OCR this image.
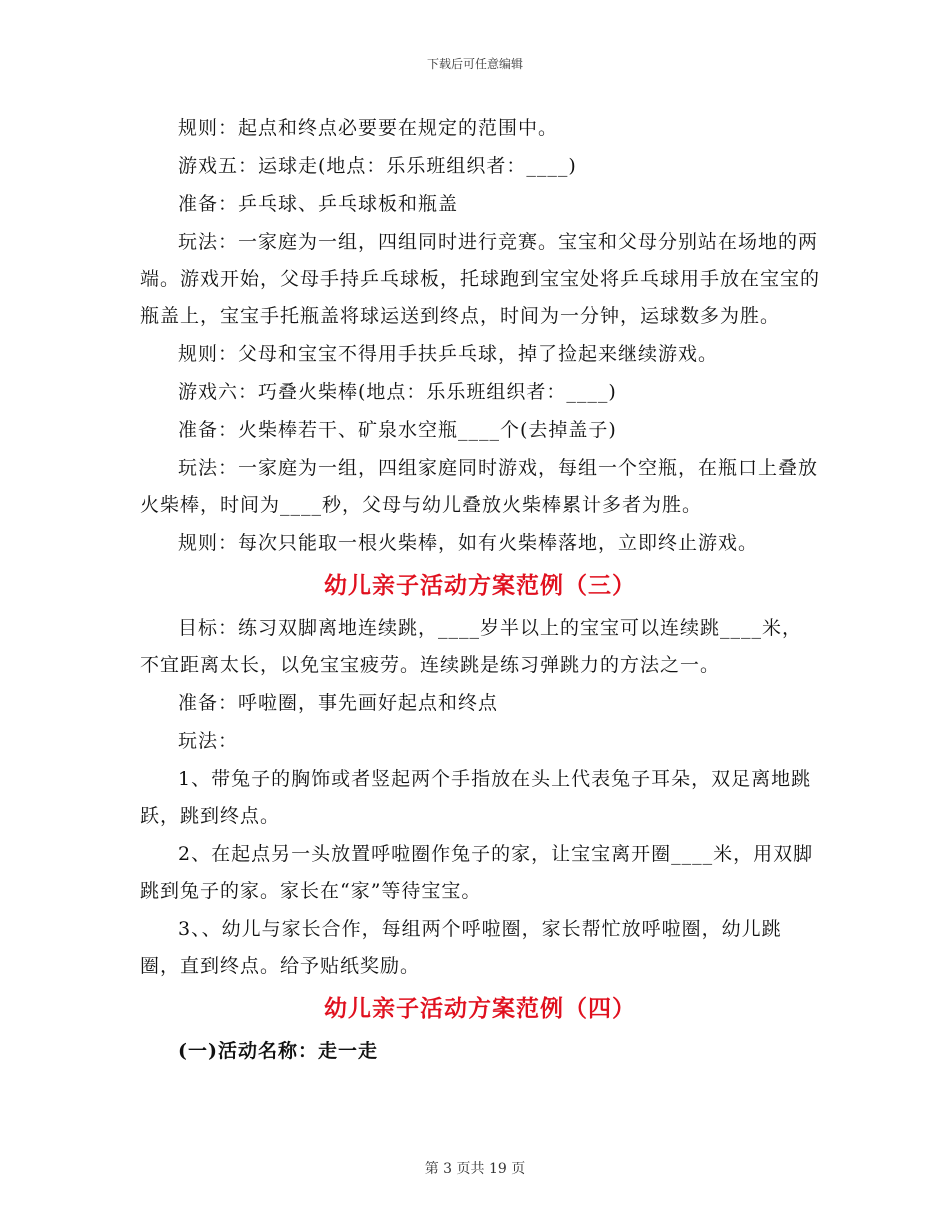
下载后可任意编辑

规则：起点和终点必要要在规定的范围中。

游戏五：运球走(地点：乐乐班组织者：____)

准备：乒乓球、乒乓球板和瓶盖

玩法：一家庭为一组，四组同时进行竞赛。宝宝和父母分别站在场地的两端。游戏开始，父母手持乒乓球板，托球跑到宝宝处将乒乓球用手放在宝宝的瓶盖上，宝宝手托瓶盖将球运送到终点，时间为一分钟，运球数多为胜。

规则：父母和宝宝不得用手扶乒乓球，掉了捡起来继续游戏。

游戏六：巧叠火柴棒(地点：乐乐班组织者：____)

准备：火柴棒若干、矿泉水空瓶____个(去掉盖子)

玩法：一家庭为一组，四组家庭同时游戏，每组一个空瓶，在瓶口上叠放火柴棒，时间为____秒，父母与幼儿叠放火柴棒累计多者为胜。

规则：每次只能取一根火柴棒，如有火柴棒落地，立即终止游戏。

幼儿亲子活动方案范例（三）

目标：练习双脚离地连续跳，____岁半以上的宝宝可以连续跳____米，不宜距离太长，以免宝宝疲劳。连续跳是练习弹跳力的方法之一。

准备：呼啦圈，事先画好起点和终点

玩法：

1、带兔子的胸饰或者竖起两个手指放在头上代表兔子耳朵，双足离地跳跃，跳到终点。

2、在起点另一头放置呼啦圈作兔子的家，让宝宝离开圈____米，用双脚跳到兔子的家。家长在“家”等待宝宝。

3、、幼儿与家长合作，每组两个呼啦圈，家长帮忙放呼啦圈，幼儿跳圈，直到终点。给予贴纸奖励。

幼儿亲子活动方案范例（四）

(一)活动名称：走一走

第 3 页共 19 页
